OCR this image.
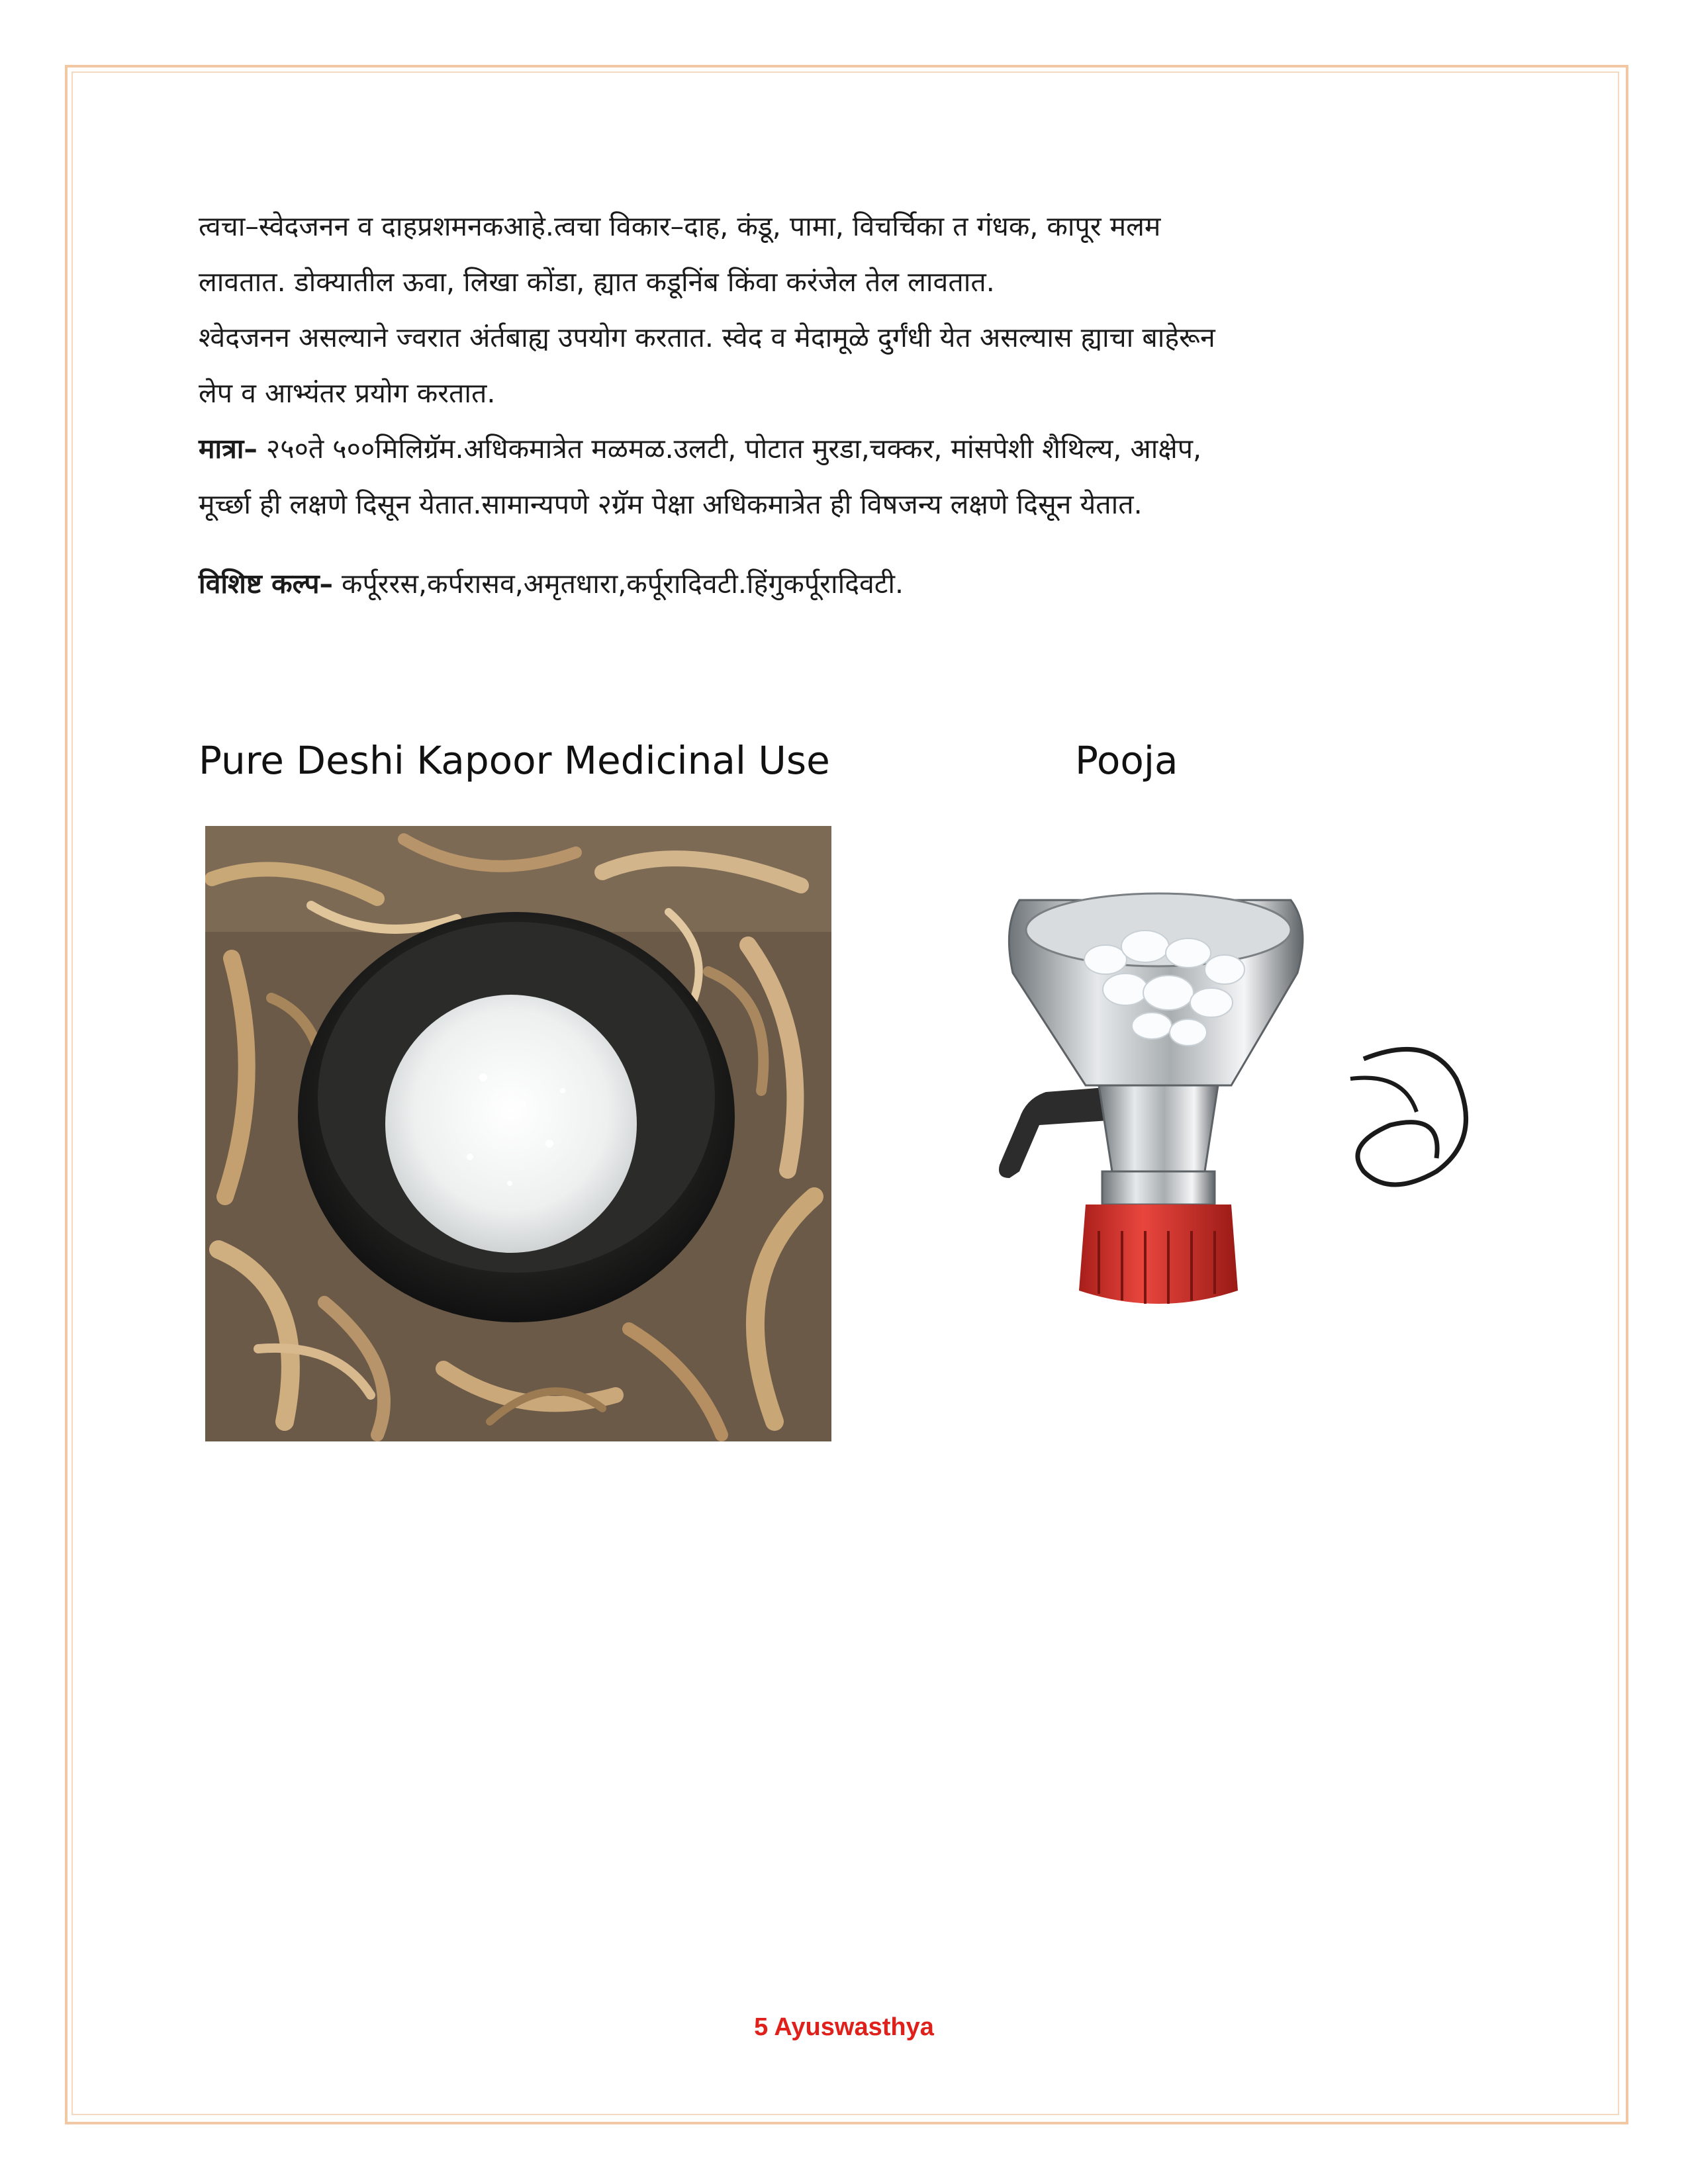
त्वचा–स्वेदजनन व दाहप्रशमनकआहे.त्वचा विकार–दाह, कंडू, पामा, विचर्चिका त गंधक, कापूर मलम

लावतात. डोक्यातील ऊवा, लिखा कोंडा, ह्यात कडूनिंब किंवा करंजेल तेल लावतात.

श्वेदजनन असल्याने ज्वरात अंर्तबाह्य उपयोग करतात. स्वेद व मेदामूळे दुर्गंधी येत असल्यास ह्याचा बाहेरून

लेप व आभ्यंतर प्रयोग करतात.

मात्रा– २५०ते ५००मिलिग्रॅम.अधिकमात्रेत मळमळ.उलटी, पोटात मुरडा,चक्कर, मांसपेशी शैथिल्य, आक्षेप,

मूर्च्छा ही लक्षणे दिसून येतात.सामान्यपणे २ग्रॅम पेक्षा अधिकमात्रेत ही विषजन्य लक्षणे दिसून येतात.

विशिष्ट कल्प– कर्पूररस,कर्परासव,अमृतधारा,कर्पूरादिवटी.हिंगुकर्पूरादिवटी.

Pure Deshi Kapoor Medicinal Use	Pooja
5 Ayuswasthya
